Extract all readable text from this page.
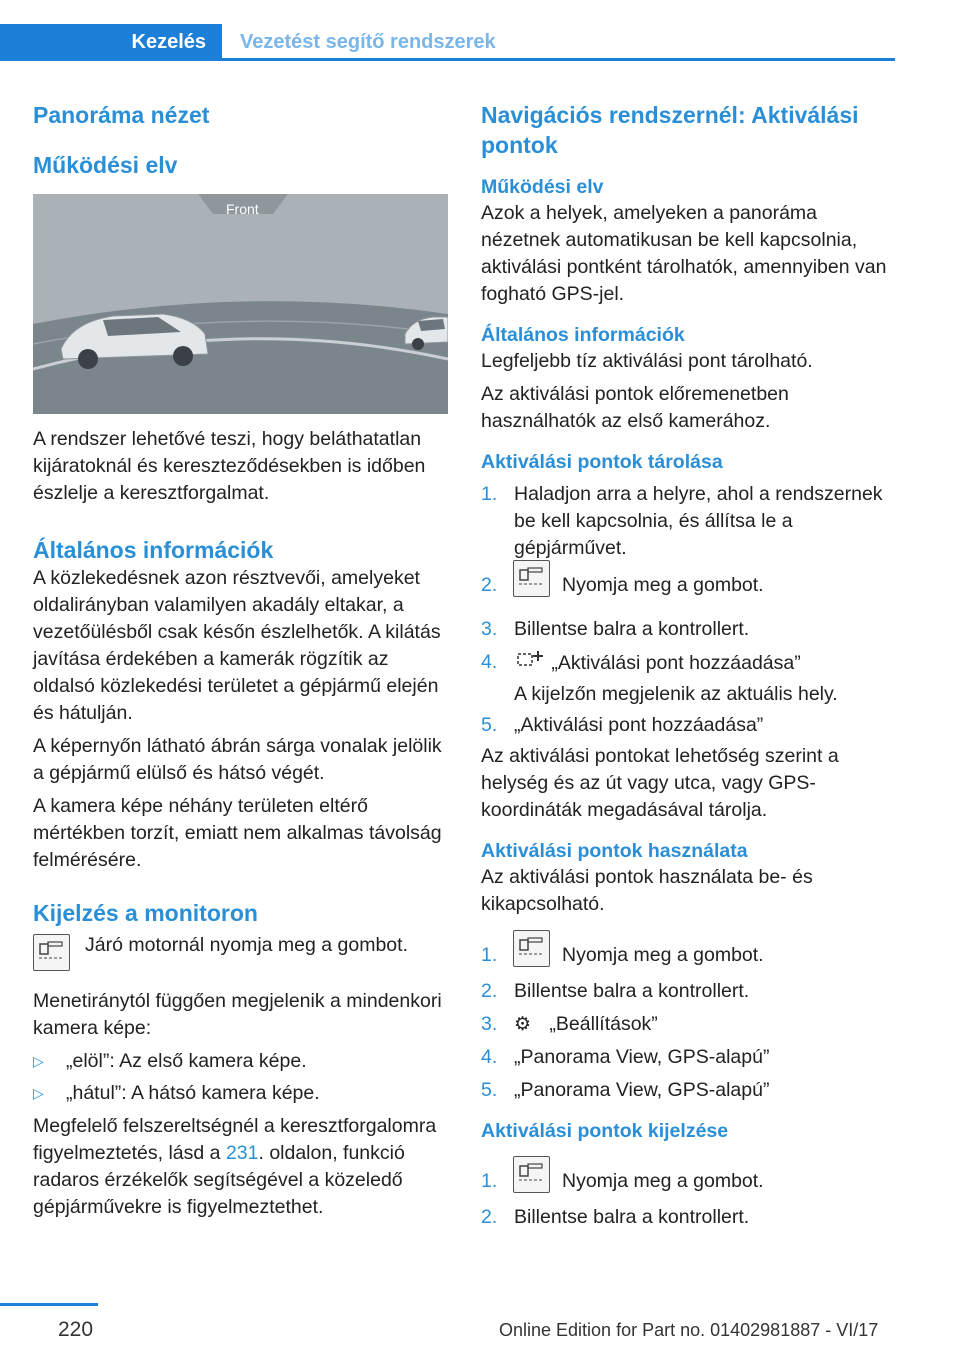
Kezelés	Vezetést segítő rendszerek
Panoráma nézet
Működési elv
Front

A rendszer lehetővé teszi, hogy beláthatatlan kijáratoknál és kereszteződésekben is időben észlelje a keresztforgalmat.

Általános információk

A közlekedésnek azon résztvevői, amelyeket oldalirányban valamilyen akadály eltakar, a vezetőülésből csak későn észlelhetők. A kilátás javítása érdekében a kamerák rögzítik az oldalsó közlekedési területet a gépjármű elején és hátulján.

A képernyőn látható ábrán sárga vonalak jelölik a gépjármű elülső és hátsó végét.

A kamera képe néhány területen eltérő mértékben torzít, emiatt nem alkalmas távolság felmérésére.

Kijelzés a monitoron
Járó motornál nyomja meg a gombot.

Menetiránytól függően megjelenik a mindenkori kamera képe:

▷ „elöl”: Az első kamera képe.
▷ „hátul”: A hátsó kamera képe.

Megfelelő felszereltségnél a keresztforgalomra figyelmeztetés, lásd a 231. oldalon, funkció radaros érzékelők segítségével a közeledő gépjárművekre is figyelmeztethet.

Navigációs rendszernél: Aktiválási pontok
Működési elv

Azok a helyek, amelyeken a panoráma nézetnek automatikusan be kell kapcsolnia, aktiválási pontként tárolhatók, amennyiben van fogható GPS-jel.

Általános információk

Legfeljebb tíz aktiválási pont tárolható.

Az aktiválási pontok előremenetben használhatók az első kamerához.

Aktiválási pontok tárolása
1. Haladjon arra a helyre, ahol a rendszernek be kell kapcsolnia, és állítsa le a gépjárművet.
2.	Nyomja meg a gombot.
3. Billentse balra a kontrollert.
4.	„Aktiválási pont hozzáadása”
A kijelzőn megjelenik az aktuális hely.
5. „Aktiválási pont hozzáadása”

Az aktiválási pontokat lehetőség szerint a helység és az út vagy utca, vagy GPS-koordináták megadásával tárolja.

Aktiválási pontok használata

Az aktiválási pontok használata be- és kikapcsolható.

1.	Nyomja meg a gombot.
2. Billentse balra a kontrollert.
3. ⚙ „Beállítások”
4. „Panorama View, GPS-alapú”
5. „Panorama View, GPS-alapú”
Aktiválási pontok kijelzése
1.	Nyomja meg a gombot.
2. Billentse balra a kontrollert.
220	Online Edition for Part no. 01402981887 - VI/17
